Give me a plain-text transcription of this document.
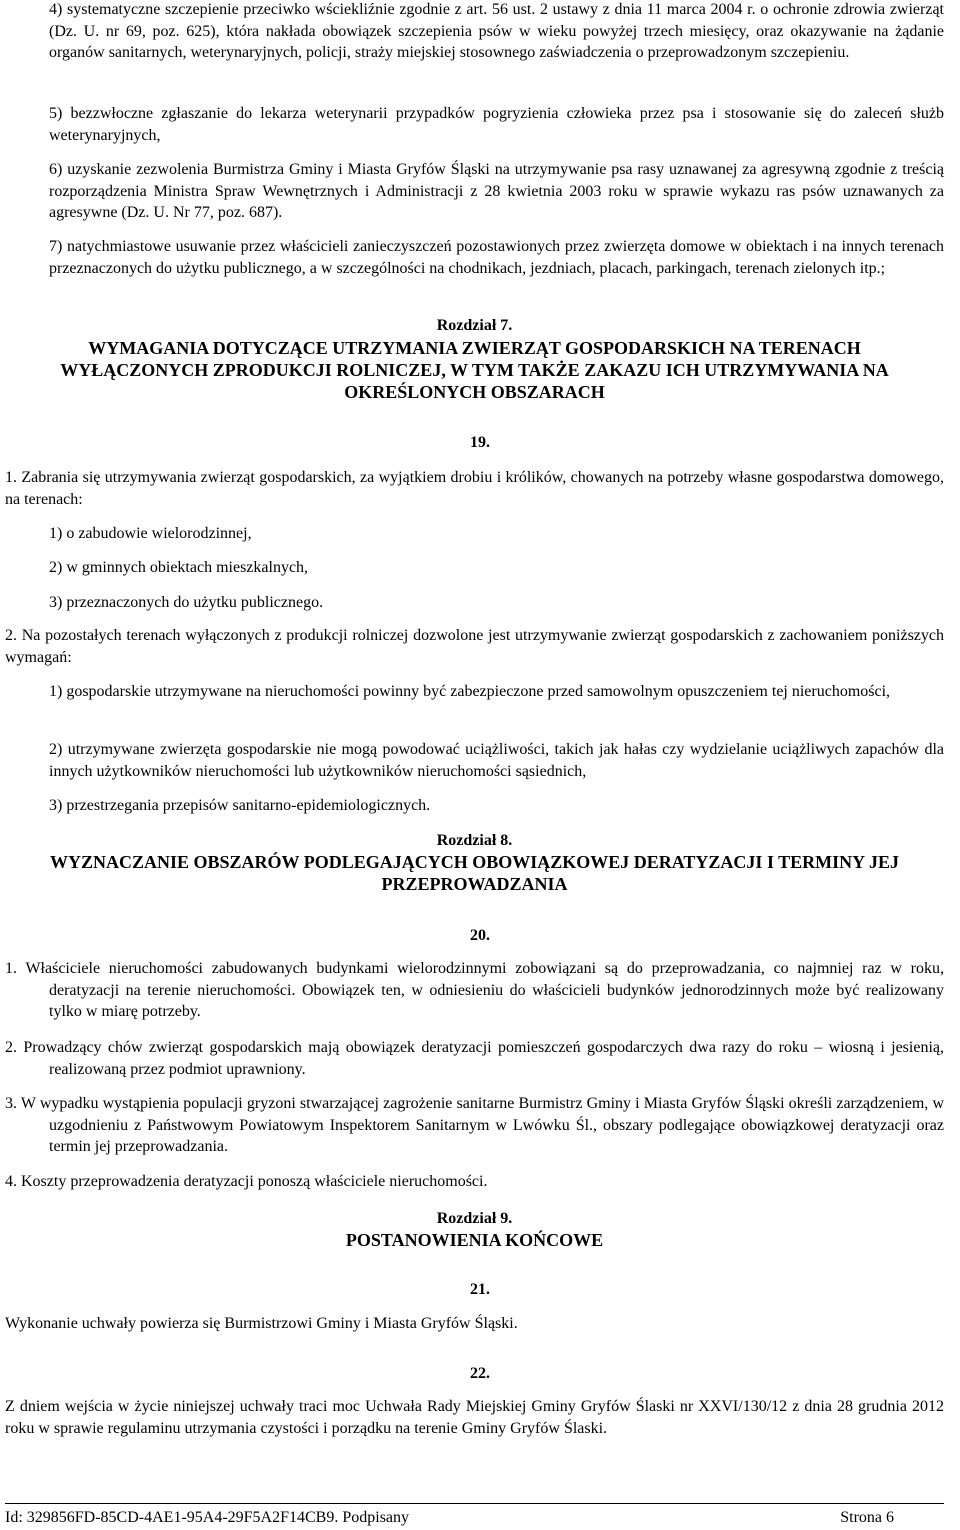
4) systematyczne szczepienie przeciwko wściekliźnie zgodnie z art. 56 ust. 2 ustawy z dnia 11 marca 2004 r. o ochronie zdrowia zwierząt (Dz. U. nr 69, poz. 625), która nakłada obowiązek szczepienia psów w wieku powyżej trzech miesięcy, oraz okazywanie na żądanie organów sanitarnych, weterynaryjnych, policji, straży miejskiej stosownego zaświadczenia o przeprowadzonym szczepieniu.

5) bezzwłoczne zgłaszanie do lekarza weterynarii przypadków pogryzienia człowieka przez psa i stosowanie się do zaleceń służb weterynaryjnych,

6) uzyskanie zezwolenia Burmistrza Gminy i Miasta Gryfów Śląski na utrzymywanie psa rasy uznawanej za agresywną zgodnie z treścią rozporządzenia Ministra Spraw Wewnętrznych i Administracji z 28 kwietnia 2003 roku w sprawie wykazu ras psów uznawanych za agresywne (Dz. U. Nr 77, poz. 687).

7) natychmiastowe usuwanie przez właścicieli zanieczyszczeń pozostawionych przez zwierzęta domowe w obiektach i na innych terenach przeznaczonych do użytku publicznego, a w szczególności na chodnikach, jezdniach, placach, parkingach, terenach zielonych itp.;

Rozdział 7.
WYMAGANIA DOTYCZĄCE UTRZYMANIA ZWIERZĄT GOSPODARSKICH NA TERENACH
WYŁĄCZONYCH ZPRODUKCJI ROLNICZEJ, W TYM TAKŻE ZAKAZU ICH UTRZYMYWANIA NA
OKREŚLONYCH OBSZARACH
19.

1. Zabrania się utrzymywania zwierząt gospodarskich, za wyjątkiem drobiu i królików, chowanych na potrzeby własne gospodarstwa domowego, na terenach:

1) o zabudowie wielorodzinnej,

2) w gminnych obiektach mieszkalnych,

3) przeznaczonych do użytku publicznego.

2. Na pozostałych terenach wyłączonych z produkcji rolniczej dozwolone jest utrzymywanie zwierząt gospodarskich z zachowaniem poniższych wymagań:

1) gospodarskie utrzymywane na nieruchomości powinny być zabezpieczone przed samowolnym opuszczeniem tej nieruchomości,

2) utrzymywane zwierzęta gospodarskie nie mogą powodować uciążliwości, takich jak hałas czy wydzielanie uciążliwych zapachów dla innych użytkowników nieruchomości lub użytkowników nieruchomości sąsiednich,

3) przestrzegania przepisów sanitarno-epidemiologicznych.

Rozdział 8.
WYZNACZANIE OBSZARÓW PODLEGAJĄCYCH OBOWIĄZKOWEJ DERATYZACJI I TERMINY JEJ
PRZEPROWADZANIA
20.

1. Właściciele nieruchomości zabudowanych budynkami wielorodzinnymi zobowiązani są do przeprowadzania, co najmniej raz w roku, deratyzacji na terenie nieruchomości. Obowiązek ten, w odniesieniu do właścicieli budynków jednorodzinnych może być realizowany tylko w miarę potrzeby.

2. Prowadzący chów zwierząt gospodarskich mają obowiązek deratyzacji pomieszczeń gospodarczych dwa razy do roku – wiosną i jesienią, realizowaną przez podmiot uprawniony.

3. W wypadku wystąpienia populacji gryzoni stwarzającej zagrożenie sanitarne Burmistrz Gminy i Miasta Gryfów Śląski określi zarządzeniem, w uzgodnieniu z Państwowym Powiatowym Inspektorem Sanitarnym w Lwówku Śl., obszary podlegające obowiązkowej deratyzacji oraz termin jej przeprowadzania.

4. Koszty przeprowadzenia deratyzacji ponoszą właściciele nieruchomości.

Rozdział 9.
POSTANOWIENIA KOŃCOWE
21.

Wykonanie uchwały powierza się Burmistrzowi Gminy i Miasta Gryfów Śląski.

22.

Z dniem wejścia w życie niniejszej uchwały traci moc Uchwała Rady Miejskiej Gminy Gryfów Ślaski nr XXVI/130/12 z dnia 28 grudnia 2012 roku w sprawie regulaminu utrzymania czystości i porządku na terenie Gminy Gryfów Ślaski.

Id: 329856FD-85CD-4AE1-95A4-29F5A2F14CB9. Podpisany	Strona 6
